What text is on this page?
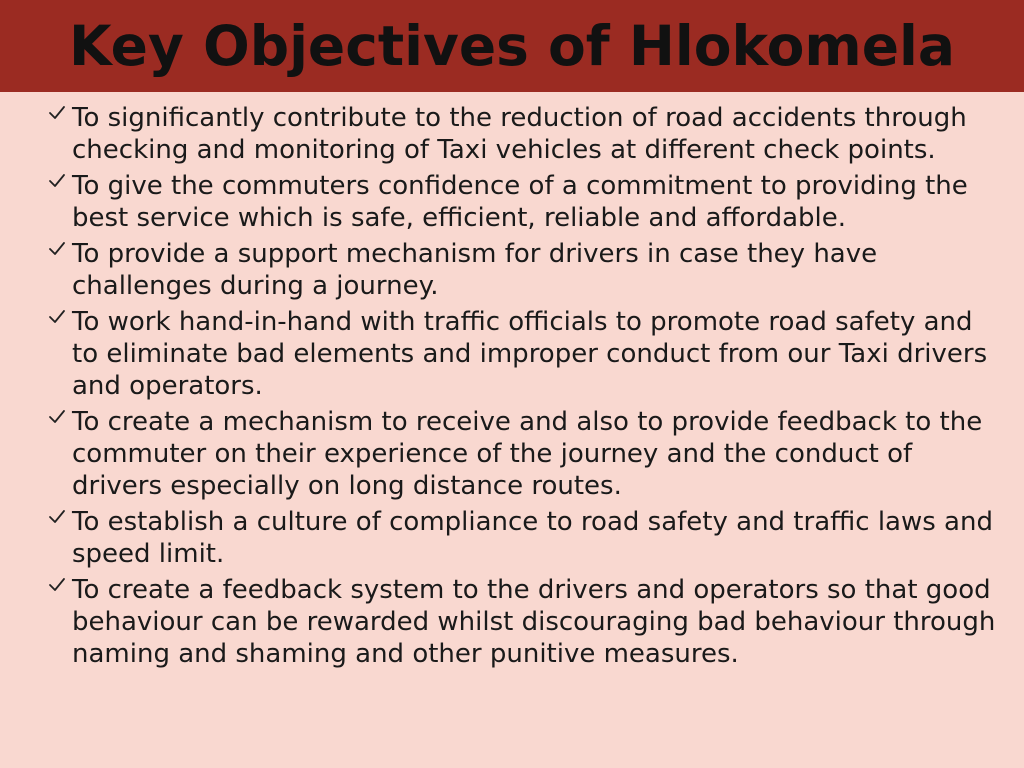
Key Objectives of Hlokomela
To significantly contribute to the reduction of road accidents through checking and monitoring of Taxi vehicles at different check points.
To give the commuters confidence of a commitment to providing the best service which is safe, efficient, reliable and affordable.
To provide a support mechanism for drivers in case they have challenges during a journey.
To work hand-in-hand with traffic officials to promote road safety and to eliminate bad elements and improper conduct from our Taxi drivers and operators.
To create a mechanism to receive and also to provide feedback to the commuter on their experience of the journey and the conduct of drivers especially on long distance routes.
To establish a culture of compliance to road safety and traffic laws and speed limit.
To create a feedback system to the drivers and operators so that good behaviour can be rewarded whilst discouraging bad behaviour through naming and shaming and other punitive measures.
